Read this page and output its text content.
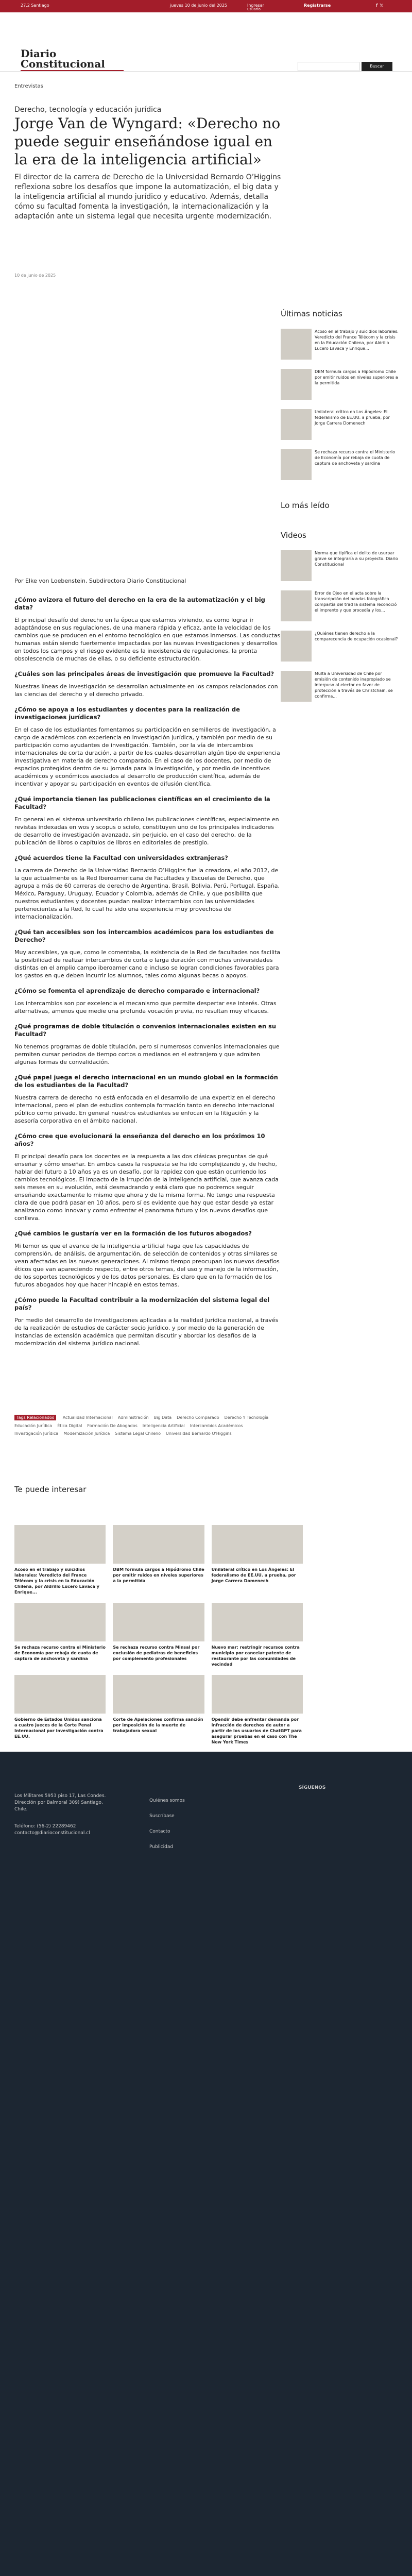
27.2 Santiago	jueves 10 de junio del 2025	Ingresar
usuario
Registrarse	f 𝕏
Diario
Constitucional	Buscar
Entrevistas
Derecho, tecnología y educación jurídica
Jorge Van de Wyngard: «Derecho no puede seguir enseñándose igual en la era de la inteligencia artificial»
El director de la carrera de Derecho de la Universidad Bernardo O’Higgins reflexiona sobre los desafíos que impone la automatización, el big data y la inteligencia artificial al mundo jurídico y educativo. Además, detalla cómo su facultad fomenta la investigación, la internacionalización y la adaptación ante un sistema legal que necesita urgente modernización.
10 de junio de 2025

Por Elke von Loebenstein, Subdirectora Diario Constitucional

¿Cómo avizora el futuro del derecho en la era de la automatización y el big data?

El principal desafío del derecho en la época que estamos viviendo, es como lograr ir adaptándose en sus regulaciones, de una manera rápida y eficaz, ante la velocidad de los cambios que se producen en el entorno tecnológico en que estamos inmersos. Las conductas humanas están siendo fuertemente impactadas por las nuevas investigaciones y desarrollos en todos los campos y el riesgo evidente es la inexistencia de regulaciones, la pronta obsolescencia de muchas de ellas, o su deficiente estructuración.

¿Cuáles son las principales áreas de investigación que promueve la Facultad?

Nuestras líneas de investigación se desarrollan actualmente en los campos relacionados con las ciencias del derecho y el derecho privado.

¿Cómo se apoya a los estudiantes y docentes para la realización de investigaciones jurídicas?

En el caso de los estudiantes fomentamos su participación en semilleros de investigación, a cargo de académicos con experiencia en investigación jurídica, y también por medio de su participación como ayudantes de investigación. También, por la vía de intercambios internacionales de corta duración, a partir de los cuales desarrollan algún tipo de experiencia investigativa en materia de derecho comparado. En el caso de los docentes, por medio de espacios protegidos dentro de su jornada para la investigación, y por medio de incentivos académicos y económicos asociados al desarrollo de producción científica, además de incentivar y apoyar su participación en eventos de difusión científica.

¿Qué importancia tienen las publicaciones científicas en el crecimiento de la Facultad?

En general en el sistema universitario chileno las publicaciones científicas, especialmente en revistas indexadas en wos y scopus o scielo, constituyen uno de los principales indicadores de desarrollo de investigación avanzada, sin perjuicio, en el caso del derecho, de la publicación de libros o capítulos de libros en editoriales de prestigio.

¿Qué acuerdos tiene la Facultad con universidades extranjeras?

La carrera de Derecho de la Universidad Bernardo O’Higgins fue la creadora, el año 2012, de la que actualmente es la Red Iberoamericana de Facultades y Escuelas de Derecho, que agrupa a más de 60 carreras de derecho de Argentina, Brasil, Bolivia, Perú, Portugal, España, México, Paraguay, Uruguay, Ecuador y Colombia, además de Chile, y que posibilita que nuestros estudiantes y docentes puedan realizar intercambios con las universidades pertenecientes a la Red, lo cual ha sido una experiencia muy provechosa de internacionalización.

¿Qué tan accesibles son los intercambios académicos para los estudiantes de Derecho?

Muy accesibles, ya que, como le comentaba, la existencia de la Red de facultades nos facilita la posibilidad de realizar intercambios de corta o larga duración con muchas universidades distintas en el amplio campo iberoamericano e incluso se logran condiciones favorables para los gastos en que deben incurrir los alumnos, tales como algunas becas o apoyos.

¿Cómo se fomenta el aprendizaje de derecho comparado e internacional?

Los intercambios son por excelencia el mecanismo que permite despertar ese interés. Otras alternativas, amenos que medie una profunda vocación previa, no resultan muy eficaces.

¿Qué programas de doble titulación o convenios internacionales existen en su Facultad?

No tenemos programas de doble titulación, pero sí numerosos convenios internacionales que permiten cursar periodos de tiempo cortos o medianos en el extranjero y que admiten algunas formas de convalidación.

¿Qué papel juega el derecho internacional en un mundo global en la formación de los estudiantes de la Facultad?

Nuestra carrera de derecho no está enfocada en el desarrollo de una expertiz en el derecho internacional, pero el plan de estudios contempla formación tanto en derecho internacional público como privado. En general nuestros estudiantes se enfocan en la litigación y la asesoría corporativa en el ámbito nacional.

¿Cómo cree que evolucionará la enseñanza del derecho en los próximos 10 años?

El principal desafío para los docentes es la respuesta a las dos clásicas preguntas de qué enseñar y cómo enseñar. En ambos casos la respuesta se ha ido complejizando y, de hecho, hablar del futuro a 10 años ya es un desafío, por la rapidez con que están ocurriendo los cambios tecnológicos. El impacto de la irrupción de la inteligencia artificial, que avanza cada seis meses en su evolución, está desmadrando y está claro que no podremos seguir enseñando exactamente lo mismo que ahora y de la misma forma. No tengo una respuesta clara de que podrá pasar en 10 años, pero sí es evidente que hay que estar desde ya estar analizando como innovar y como enfrentar el panorama futuro y los nuevos desafíos que conlleva.

¿Qué cambios le gustaría ver en la formación de los futuros abogados?

Mi temor es que el avance de la inteligencia artificial haga que las capacidades de comprensión, de análisis, de argumentación, de selección de contenidos y otras similares se vean afectadas en las nuevas generaciones. Al mismo tiempo preocupan los nuevos desafíos éticos que van apareciendo respecto, entre otros temas, del uso y manejo de la información, de los soportes tecnológicos y de los datos personales. Es claro que en la formación de los futuros abogados hoy que hacer hincapié en estos temas.

¿Cómo puede la Facultad contribuir a la modernización del sistema legal del país?

Por medio del desarrollo de investigaciones aplicadas a la realidad jurídica nacional, a través de la realización de estudios de carácter socio jurídico, y por medio de la generación de instancias de extensión académica que permitan discutir y abordar los desafíos de la modernización del sistema jurídico nacional.

Últimas noticias
Acoso en el trabajo y suicidios laborales: Veredicto del France Télécom y la crisis en la Educación Chilena, por Aldrillo Lucero Lavaca y Enrique...
DBM formula cargos a Hipódromo Chile por emitir ruidos en niveles superiores a la permitida
Unilateral crítico en Los Ángeles: El federalismo de EE.UU. a prueba, por Jorge Carrera Domenech
Se rechaza recurso contra el Ministerio de Economía por rebaja de cuota de captura de anchoveta y sardina
Lo más leído
Videos
Norma que tipifica el delito de usurpar grave se integraría a su proyecto. Diario Constitucional
Error de Ojeo en el acta sobre la transcripción del bandas fotográfica compartía del trad la sistema reconoció el imprento y que procedía y los...
¿Quiénes tienen derecho a la comparecencia de ocupación ocasional?
Multa a Universidad de Chile por emisión de contenido inapropiado se interpuso al elector en favor de protección a través de Christchain, se confirma...
Tags Relacionados Actualidad Internacional Administración Big Data Derecho Comparado Derecho Y TecnologíaEducación Jurídica Ética Digital Formación De Abogados Inteligencia Artificial Intercambios AcadémicosInvestigación Jurídica Modernización Jurídica Sistema Legal Chileno Universidad Bernardo O'Higgins
Te puede interesar
Acoso en el trabajo y suicidios laborales: Veredicto del France Télécom y la crisis en la Educación Chilena, por Aldrillo Lucero Lavaca y Enrique...
DBM formula cargos a Hipódromo Chile por emitir ruidos en niveles superiores a la permitida
Unilateral crítico en Los Ángeles: El federalismo de EE.UU. a prueba, por Jorge Carrera Domenech
Se rechaza recurso contra el Ministerio de Economía por rebaja de cuota de captura de anchoveta y sardina
Se rechaza recurso contra Minsal por exclusión de pediatras de beneficios por complemento profesionales
Nuevo mar: restringir recursos contra municipio por cancelar patente de restaurante por las comunidades de vecindad
Gobierno de Estados Unidos sanciona a cuatro jueces de la Corte Penal Internacional por investigación contra EE.UU.
Corte de Apelaciones confirma sanción por imposición de la muerte de trabajadora sexual
Opendir debe enfrentar demanda por infracción de derechos de autor a partir de los usuarios de ChatGPT para asegurar pruebas en el caso con The New York Times
Los Militares 5953 piso 17, Las Condes.
Dirección por Balmoral 309) Santiago, Chile.
Teléfono: (56-2) 22289462
contacto@diarioconstitucional.cl
Quiénes somos
Suscríbase
Contacto
Publicidad
SÍGUENOS
